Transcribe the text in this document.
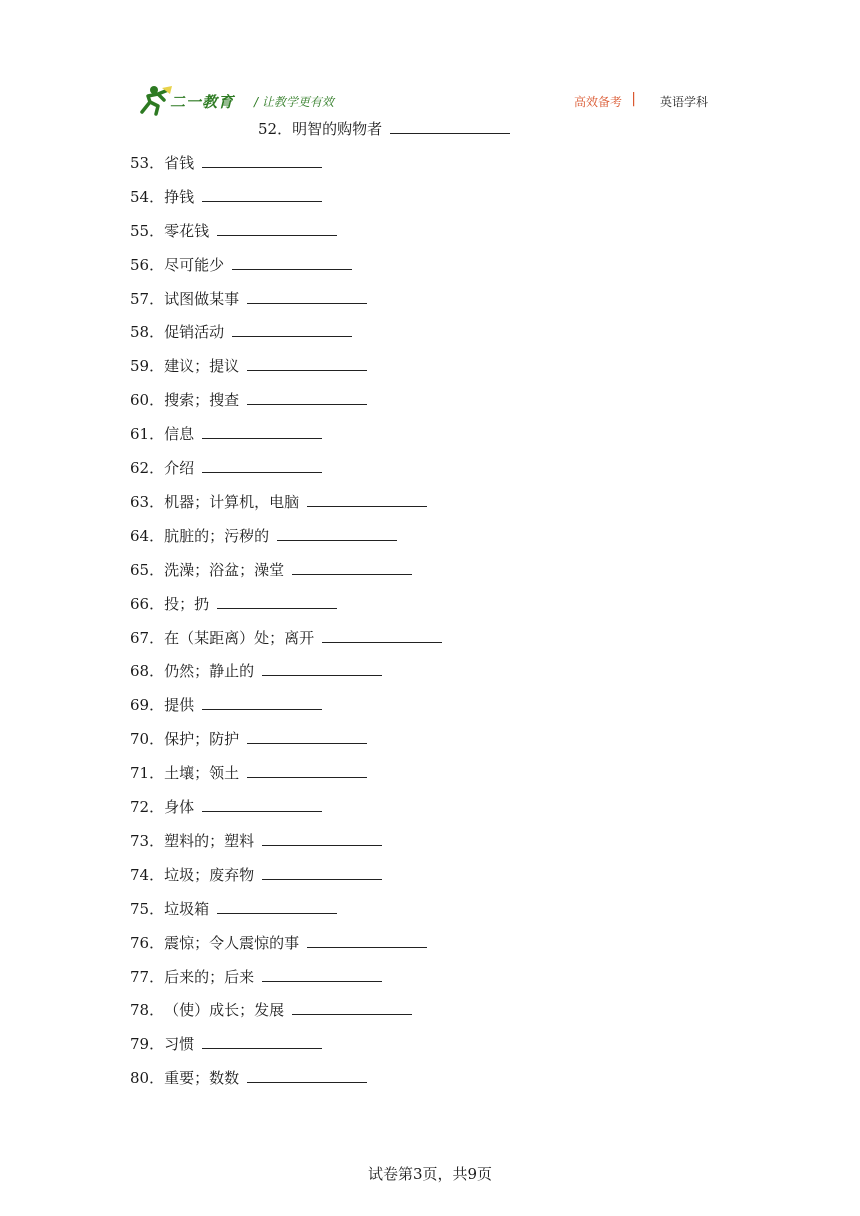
二一教育 / 让教学更有效	高效备考 | 英语学科
52．明智的购物者
53．省钱
54．挣钱
55．零花钱
56．尽可能少
57．试图做某事
58．促销活动
59．建议；提议
60．搜索；搜查
61．信息
62．介绍
63．机器；计算机，电脑
64．肮脏的；污秽的
65．洗澡；浴盆；澡堂
66．投；扔
67．在（某距离）处；离开
68．仍然；静止的
69．提供
70．保护；防护
71．土壤；领土
72．身体
73．塑料的；塑料
74．垃圾；废弃物
75．垃圾箱
76．震惊；令人震惊的事
77．后来的；后来
78．（使）成长；发展
79．习惯
80．重要；数数
试卷第3页，共9页
